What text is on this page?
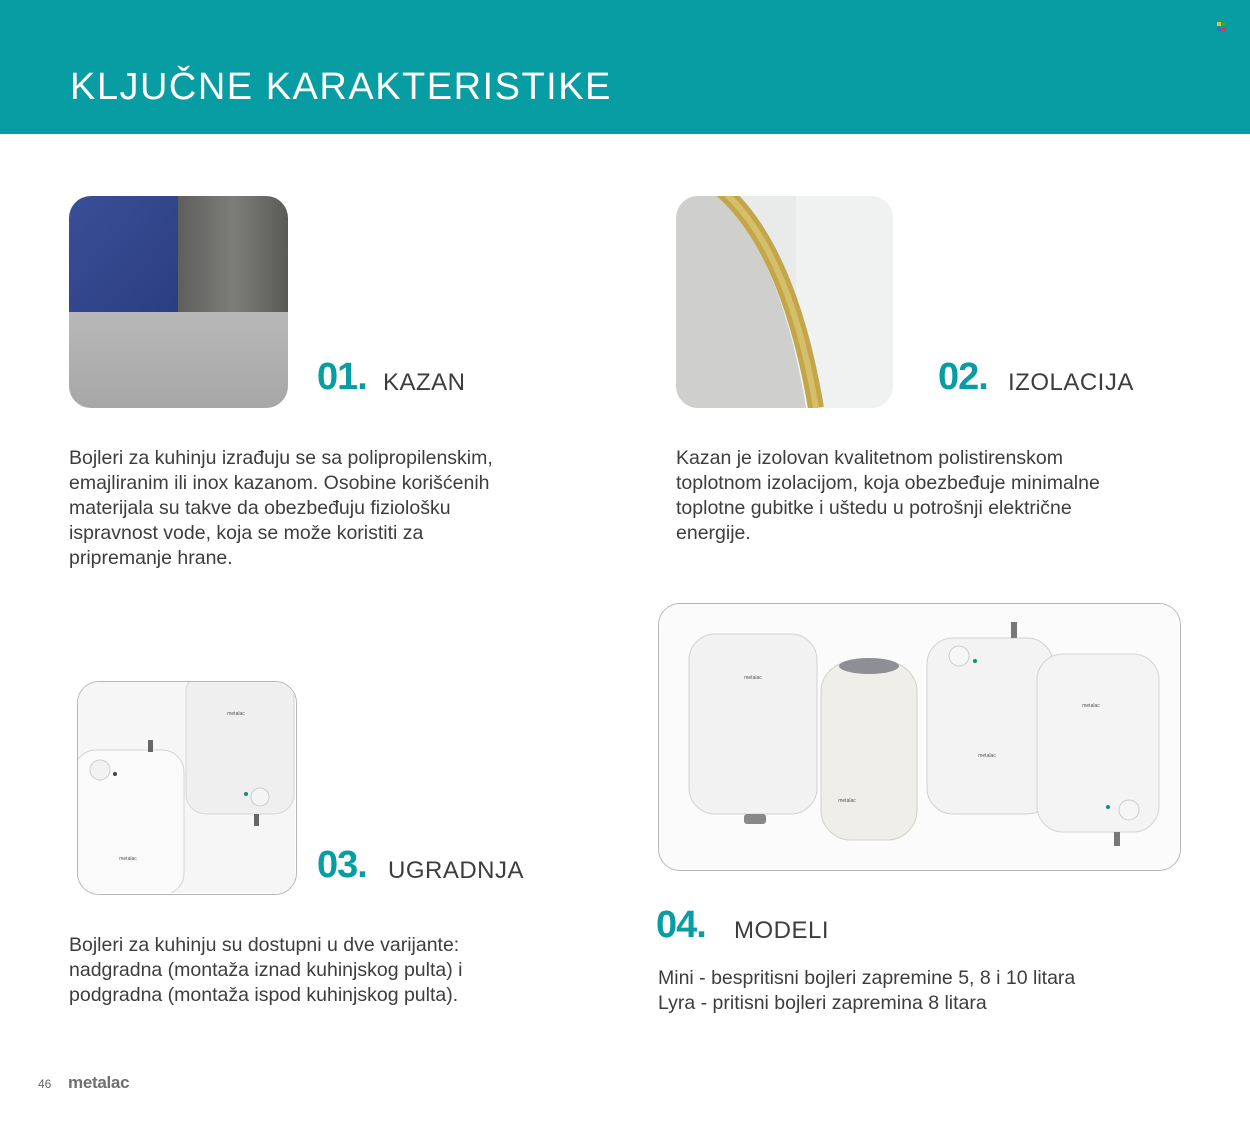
KLJUČNE KARAKTERISTIKE
01. KAZAN
Bojleri za kuhinju izrađuju se sa polipropilenskim,
emajliranim ili inox kazanom. Osobine korišćenih
materijala su takve da obezbeđuju fiziološku
ispravnost vode, koja se može koristiti za
pripremanje hrane.
02. IZOLACIJA
Kazan je izolovan kvalitetnom polistirenskom
toplotnom izolacijom, koja obezbeđuje minimalne
toplotne gubitke i uštedu u potrošnji električne
energije.
metalac
metalac	03. UGRADNJA
Bojleri za kuhinju su dostupni u dve varijante:
nadgradna (montaža iznad kuhinjskog pulta) i
podgradna (montaža ispod kuhinjskog pulta).
metalac
metalac
metalac
metalac
04. MODELI
Mini - bespritisni bojleri zapremine 5, 8 i 10 litara
Lyra - pritisni bojleri zapremina 8 litara
46 metalac
